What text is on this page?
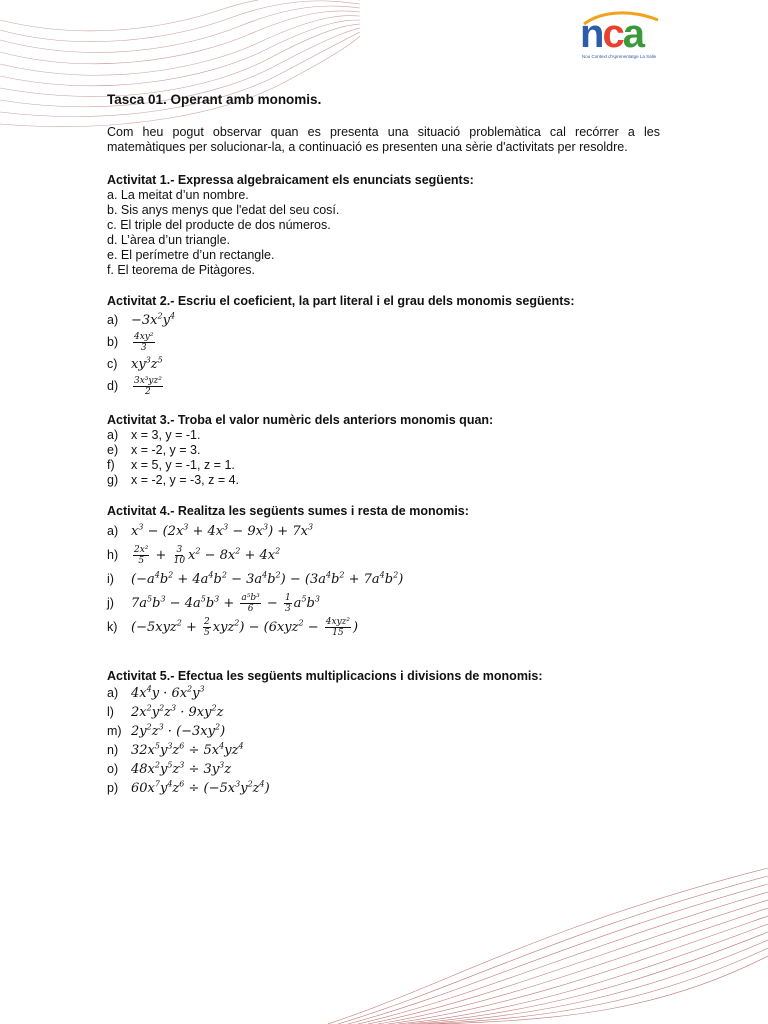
nca
Nou Context d'Aprenentatge La Salle

Tasca 01. Operant amb monomis.

Com heu pogut observar quan es presenta una situació problemàtica cal recórrer a les matemàtiques per solucionar-la, a continuació es presenten una sèrie d'activitats per resoldre.

Activitat 1.- Expressa algebraicament els enunciats següents:

a. La meitat d’un nombre.
b. Sis anys menys que l'edat del seu cosí.
c. El triple del producte de dos números.
d. L’àrea d’un triangle.
e. El perímetre d’un rectangle.
f. El teorema de Pitàgores.

Activitat 2.- Escriu el coeficient, la part literal i el grau dels monomis següents:

$a) -3x^2y^4$
b)	$\frac{\text{4xy²}}{3}$
c)	$xy^3z^5$
d)	$\frac{\text{3x³yz²}}{2}$

Activitat 3.- Troba el valor numèric dels anteriors monomis quan:

a)	x = 3, y = -1.
e)	x = -2, y = 3.
f)	x = 5, y = -1, z = 1.
g)	x = -2, y = -3, z = 4.

Activitat 4.- Realitza les següents sumes i resta de monomis:

a) $x^3 - (2x^3 + 4x^3 - 9x^3) + 7x^3$
h)	$\frac{\text{2x²}}{5} + \frac{3}{10} x^2 - 8x^2 + 4x^2$
i)	$(-a^4b^2 + 4a^4b^2 - 3a^4b^2) - (3a^4b^2 + 7a^4b^2)$
j)	$7a^5b^3 - 4a^5b^3 + \frac{\text{a⁵b³}}{6} - \frac{1}{3} a^5b^3$
k)	$(-5xyz^2 + \frac{2}{5} xyz^2) - (6xyz^2 - \frac{\text{4xyz²}}{15}$ )

Activitat 5.- Efectua les següents multiplicacions i divisions de monomis:

a) $4x^4y \cdot 6x^2y^3$
l)	$2x^2y^2z^3 \cdot 9xy^2z$
m) $2y^2z^3 \cdot (-3xy^2)$
n) $32x^5y^3z^6 \div 5x^4yz^4$
o) $48x^2y^5z^3 \div 3y^3z$
p) $60x^7y^4z^6 \div (-5x^3y^2z^4)$
